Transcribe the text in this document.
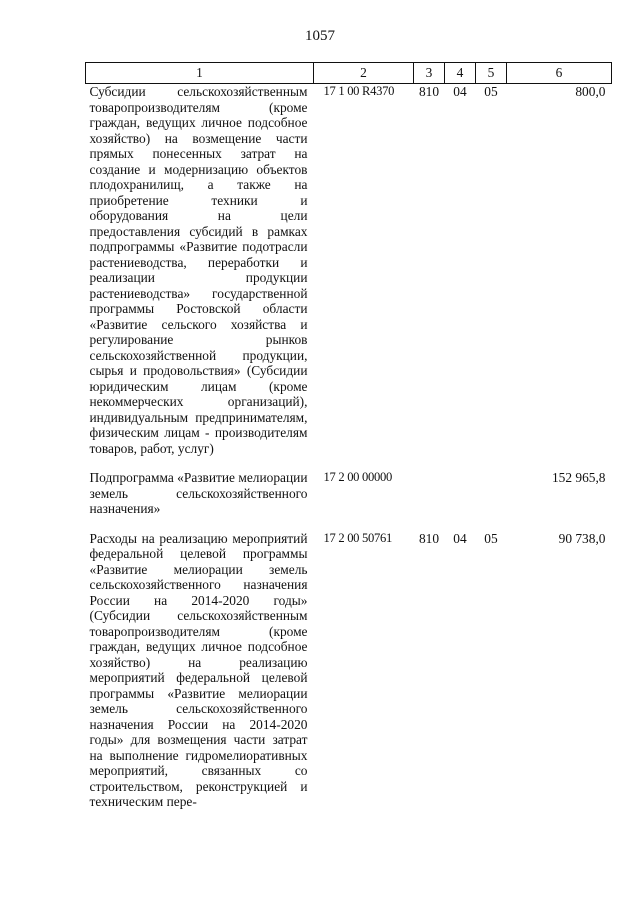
1057
1	2	3	4	5	6
Субсидии сельскохозяйственным товаропроизводителям (кроме граждан, ведущих личное подсобное хозяйство) на возмещение части прямых понесенных затрат на создание и модернизацию объектов плодохранилищ, а также на приобретение техники и оборудования на цели предоставления субсидий в рамках подпрограммы «Развитие подотрасли растениеводства, переработки и реализации продукции растениеводства» государственной программы Ростовской области «Развитие сельского хозяйства и регулирование рынков сельскохозяйственной продукции, сырья и продовольствия» (Субсидии юридическим лицам (кроме некоммерческих организаций), индивидуальным предпринимателям, физическим лицам - производителям товаров, работ, услуг)	17 1 00 R4370	810	04	05	800,0

Подпрограмма «Развитие мелиорации земель сельскохозяйственного назначения»	17 2 00 00000				152 965,8

Расходы на реализацию мероприятий федеральной целевой программы «Развитие мелиорации земель сельскохозяйственного назначения России на 2014-2020 годы» (Субсидии сельскохозяйственным товаропроизводителям (кроме граждан, ведущих личное подсобное хозяйство) на реализацию мероприятий федеральной целевой программы «Развитие мелиорации земель сельскохозяйственного назначения России на 2014-2020 годы» для возмещения части затрат на выполнение гидромелиоративных мероприятий, связанных со строительством, реконструкцией и техническим пере-	17 2 00 50761	810	04	05	90 738,0
